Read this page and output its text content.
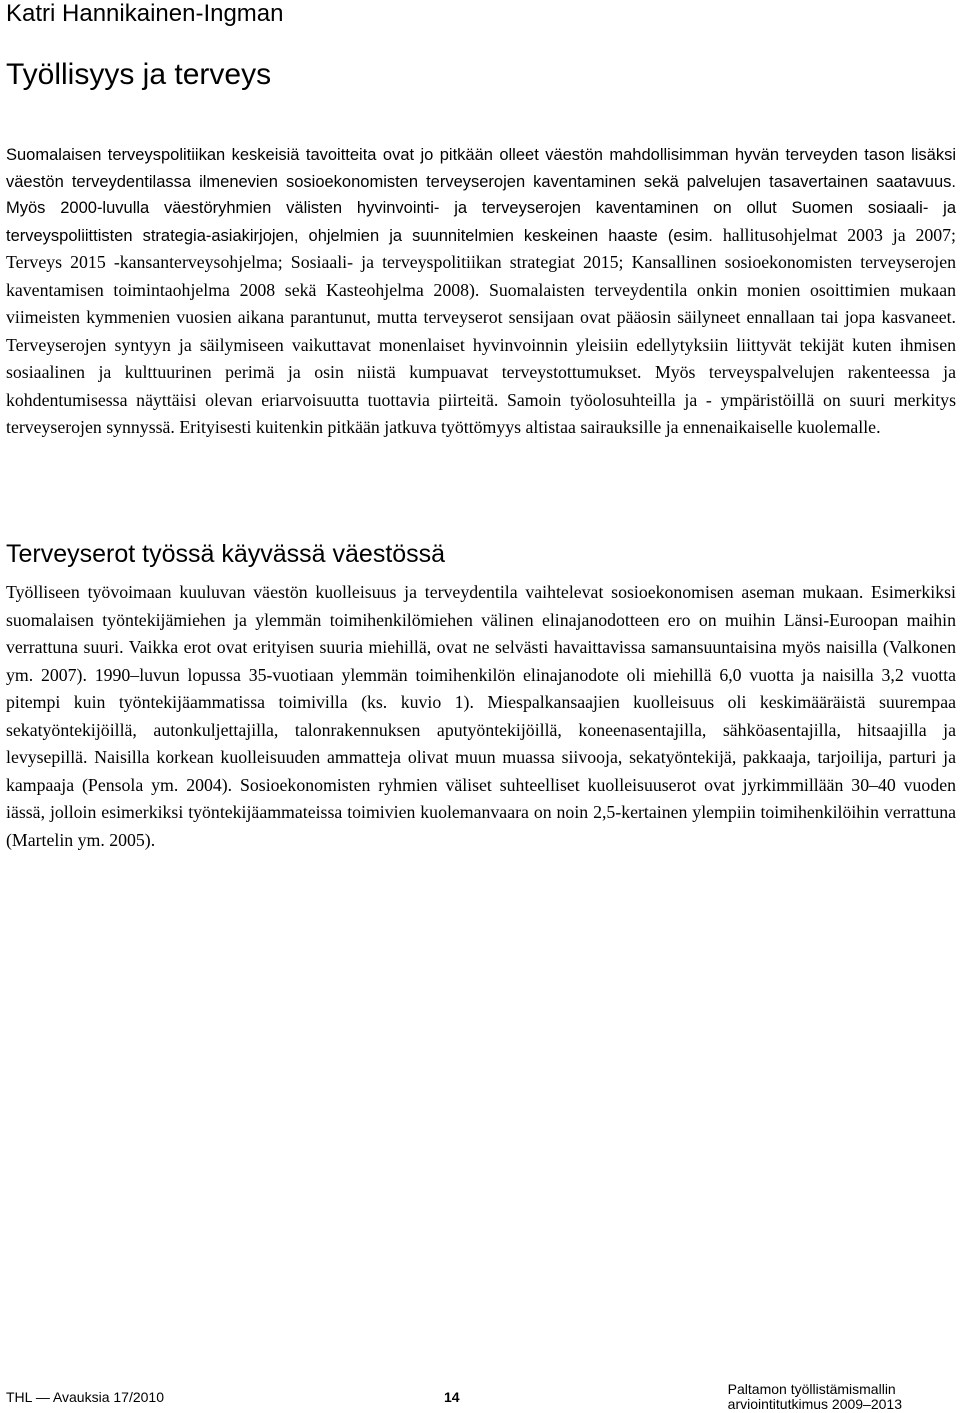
Katri Hannikainen-Ingman
Työllisyys ja terveys

Suomalaisen terveyspolitiikan keskeisiä tavoitteita ovat jo pitkään olleet väestön mahdollisimman hyvän terveyden tason lisäksi väestön terveydentilassa ilmenevien sosioekonomisten terveyserojen kaventaminen sekä palvelujen tasavertainen saatavuus. Myös 2000-luvulla väestöryhmien välisten hyvinvointi- ja terveyserojen kaventaminen on ollut Suomen sosiaali- ja terveyspoliittisten strategia-asiakirjojen, ohjelmien ja suunnitelmien keskeinen haaste (esim. hallitusohjelmat 2003 ja 2007; Terveys 2015 -kansanterveysohjelma; Sosiaali- ja terveyspolitiikan strategiat 2015; Kansallinen sosioekonomisten terveyserojen kaventamisen toimintaohjelma 2008 sekä Kasteohjelma 2008). Suomalaisten terveydentila onkin monien osoittimien mukaan viimeisten kymmenien vuosien aikana parantunut, mutta terveyserot sensijaan ovat pääosin säilyneet ennallaan tai jopa kasvaneet. Terveyserojen syntyyn ja säilymiseen vaikuttavat monenlaiset hyvinvoinnin yleisiin edellytyksiin liittyvät tekijät kuten ihmisen sosiaalinen ja kulttuurinen perimä ja osin niistä kumpuavat terveystottumukset. Myös terveyspalvelujen rakenteessa ja kohdentumisessa näyttäisi olevan eriarvoisuutta tuottavia piirteitä. Samoin työolosuhteilla ja - ympäristöillä on suuri merkitys terveyserojen synnyssä. Erityisesti kuitenkin pitkään jatkuva työttömyys altistaa sairauksille ja ennenaikaiselle kuolemalle.

Terveyserot työssä käyvässä väestössä

Työlliseen työvoimaan kuuluvan väestön kuolleisuus ja terveydentila vaihtelevat sosioekonomisen aseman mukaan. Esimerkiksi suomalaisen työntekijämiehen ja ylemmän toimihenkilömiehen välinen elinajanodotteen ero on muihin Länsi-Euroopan maihin verrattuna suuri. Vaikka erot ovat erityisen suuria miehillä, ovat ne selvästi havaittavissa samansuuntaisina myös naisilla (Valkonen ym. 2007). 1990–luvun lopussa 35-vuotiaan ylemmän toimihenkilön elinajanodote oli miehillä 6,0 vuotta ja naisilla 3,2 vuotta pitempi kuin työntekijäammatissa toimivilla (ks. kuvio 1). Miespalkansaajien kuolleisuus oli keskimääräistä suurempaa sekatyöntekijöillä, autonkuljettajilla, talonrakennuksen aputyöntekijöillä, koneenasentajilla, sähköasentajilla, hitsaajilla ja levysepillä. Naisilla korkean kuolleisuuden ammatteja olivat muun muassa siivooja, sekatyöntekijä, pakkaaja, tarjoilija, parturi ja kampaaja (Pensola ym. 2004). Sosioekonomisten ryhmien väliset suhteelliset kuolleisuuserot ovat jyrkimmillään 30–40 vuoden iässä, jolloin esimerkiksi työntekijäammateissa toimivien kuolemanvaara on noin 2,5-kertainen ylempiin toimihenkilöihin verrattuna (Martelin ym. 2005).

THL — Avauksia 17/2010	14	Paltamon työllistämismallin
arviointitutkimus 2009–2013
